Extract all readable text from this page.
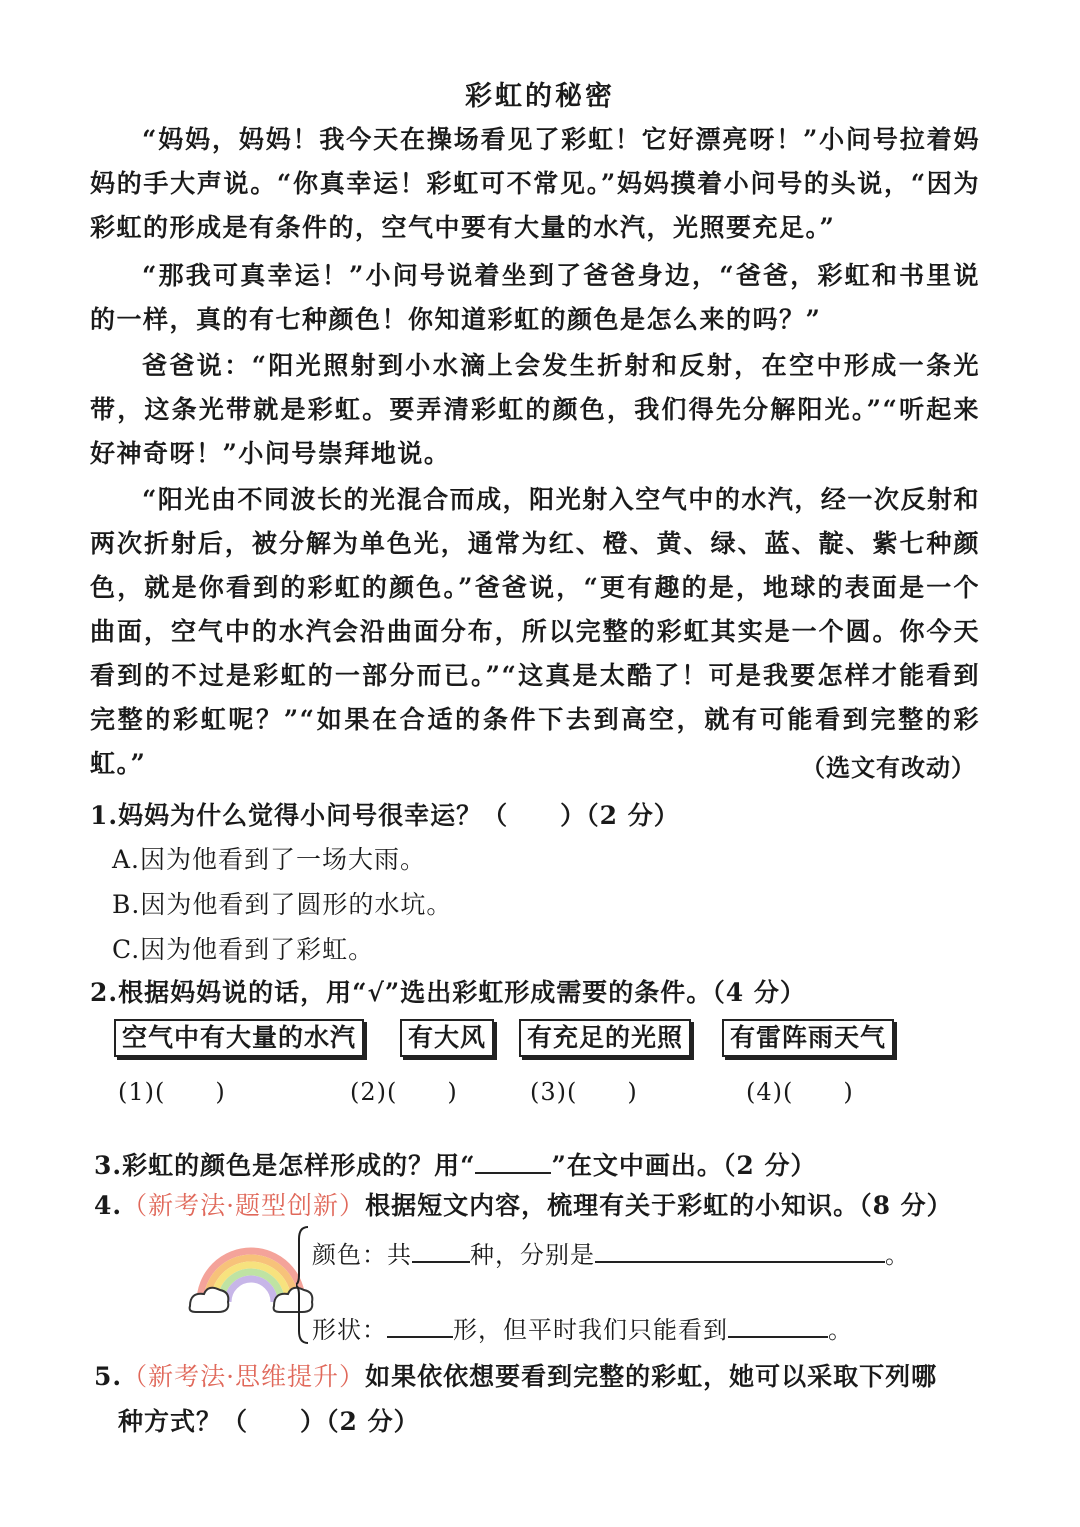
彩虹的秘密

“妈妈，妈妈！我今天在操场看见了彩虹！它好漂亮呀！”小问号拉着妈妈的手大声说。“你真幸运！彩虹可不常见。”妈妈摸着小问号的头说，“因为彩虹的形成是有条件的，空气中要有大量的水汽，光照要充足。”

“那我可真幸运！”小问号说着坐到了爸爸身边，“爸爸，彩虹和书里说的一样，真的有七种颜色！你知道彩虹的颜色是怎么来的吗？”

爸爸说：“阳光照射到小水滴上会发生折射和反射，在空中形成一条光带，这条光带就是彩虹。要弄清彩虹的颜色，我们得先分解阳光。”“听起来好神奇呀！”小问号崇拜地说。

“阳光由不同波长的光混合而成，阳光射入空气中的水汽，经一次反射和两次折射后，被分解为单色光，通常为红、橙、黄、绿、蓝、靛、紫七种颜色，就是你看到的彩虹的颜色。”爸爸说，“更有趣的是，地球的表面是一个曲面，空气中的水汽会沿曲面分布，所以完整的彩虹其实是一个圆。你今天看到的不过是彩虹的一部分而已。”“这真是太酷了！可是我要怎样才能看到完整的彩虹呢？”“如果在合适的条件下去到高空，就有可能看到完整的彩虹。”	（选文有改动）
1.妈妈为什么觉得小问号很幸运？（　　）（2 分）
A.因为他看到了一场大雨。
B.因为他看到了圆形的水坑。
C.因为他看到了彩虹。
2.根据妈妈说的话，用“√”选出彩虹形成需要的条件。（4 分）
空气中有大量的水汽	有大风	有充足的光照	有雷阵雨天气
(1)(　　)	(2)(　　)	(3)(　　)	(4)(　　)
3.彩虹的颜色是怎样形成的？用“	”在文中画出。（2 分）
4.（新考法·题型创新）根据短文内容，梳理有关于彩虹的小知识。（8 分）
颜色：共 种，分别是	。
形状：	形，但平时我们只能看到	。
5.（新考法·思维提升）如果依依想要看到完整的彩虹，她可以采取下列哪
种方式？（　　）（2 分）
